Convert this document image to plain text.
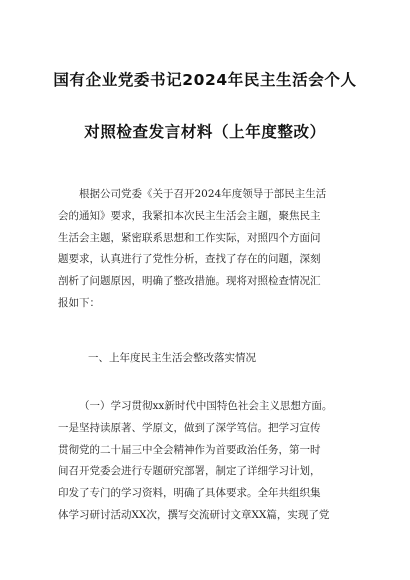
国有企业党委书记2024年民主生活会个人
对照检查发言材料（上年度整改）
根据公司党委《关于召开2024年度领导于部民主生活
会的通知》要求，我紧扣本次民主生活会主题，聚焦民主
生活会主题，紧密联系思想和工作实际，对照四个方面问
题要求，认真进行了党性分析，查找了存在的问题，深刻
剖析了问题原因，明确了整改措施。现将对照检查情况汇
报如下：
一、上年度民主生活会整改落实情况
（一）学习贯彻xx新时代中国特色社会主义思想方面。
一是坚持读原著、学原文，做到了深学笃信。把学习宣传
贯彻党的二十届三中全会精神作为首要政治任务，第一时
间召开党委会进行专题研究部署，制定了详细学习计划，
印发了专门的学习资料，明确了具体要求。全年共组织集
体学习研讨活动XX次，撰写交流研讨文章XX篇，实现了党
